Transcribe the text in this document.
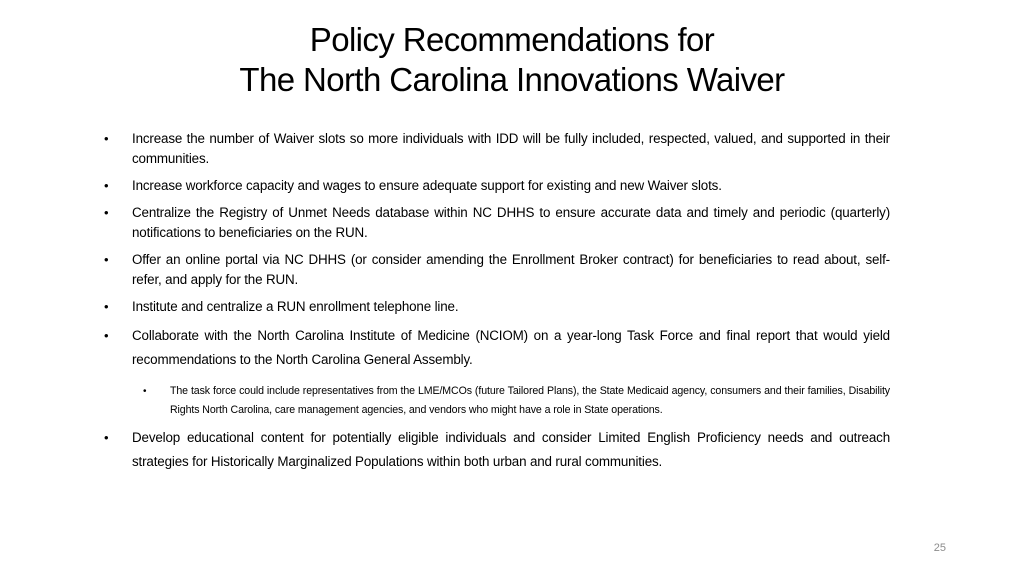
Policy Recommendations for
The North Carolina Innovations Waiver
• Increase the number of Waiver slots so more individuals with IDD will be fully included, respected, valued, and supported in their communities.
• Increase workforce capacity and wages to ensure adequate support for existing and new Waiver slots.
• Centralize the Registry of Unmet Needs database within NC DHHS to ensure accurate data and timely and periodic (quarterly) notifications to beneficiaries on the RUN.
• Offer an online portal via NC DHHS (or consider amending the Enrollment Broker contract) for beneficiaries to read about, self-refer, and apply for the RUN.
• Institute and centralize a RUN enrollment telephone line.
• Collaborate with the North Carolina Institute of Medicine (NCIOM) on a year-long Task Force and final report that would yield recommendations to the North Carolina General Assembly.
• The task force could include representatives from the LME/MCOs (future Tailored Plans), the State Medicaid agency, consumers and their families, Disability Rights North Carolina, care management agencies, and vendors who might have a role in State operations.
• Develop educational content for potentially eligible individuals and consider Limited English Proficiency needs and outreach strategies for Historically Marginalized Populations within both urban and rural communities.
25
